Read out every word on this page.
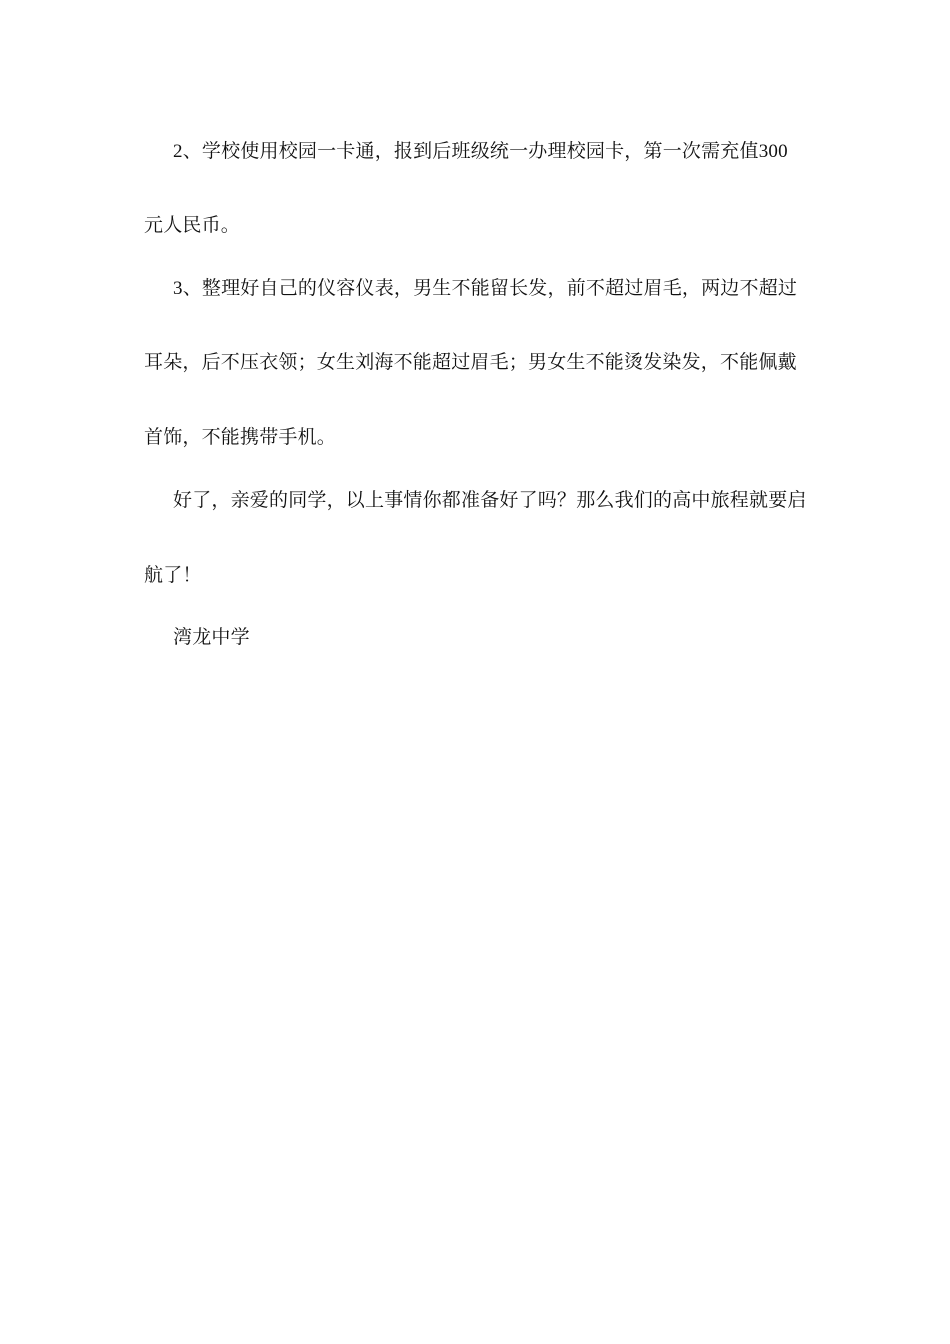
2、学校使用校园一卡通，报到后班级统一办理校园卡，第一次需充值300

元人民币。

3、整理好自己的仪容仪表，男生不能留长发，前不超过眉毛，两边不超过

耳朵，后不压衣领；女生刘海不能超过眉毛；男女生不能烫发染发，不能佩戴

首饰，不能携带手机。

好了，亲爱的同学，以上事情你都准备好了吗？那么我们的高中旅程就要启

航了！

湾龙中学
